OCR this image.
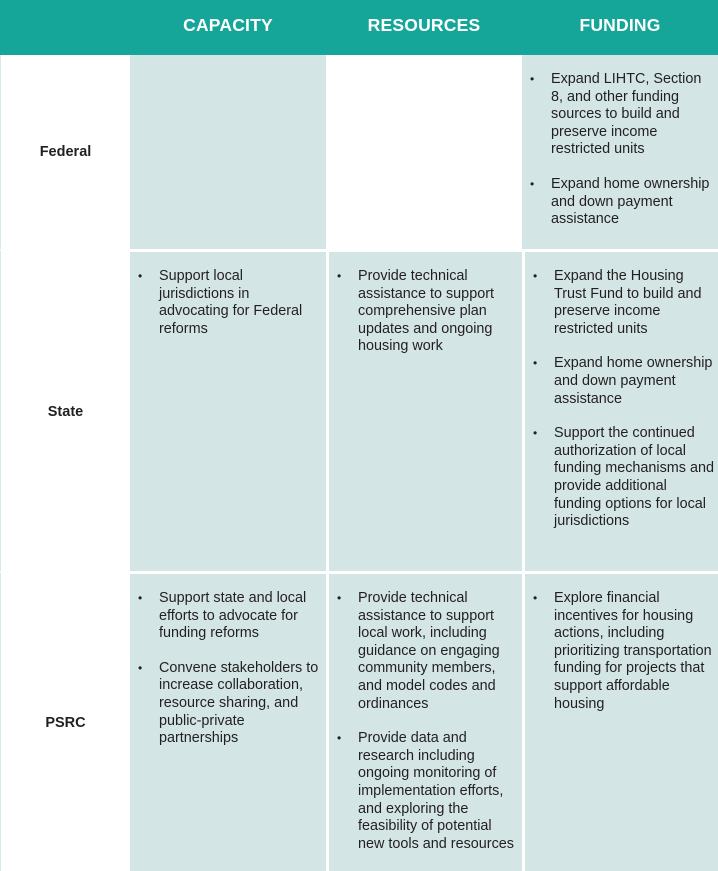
CAPACITY	RESOURCES	FUNDING
Federal
• Expand LIHTC, Section 8, and other funding sources to build and preserve income restricted units
• Expand home ownership and down payment assistance
State
• Support local jurisdictions in advocating for Federal reforms
• Provide technical assistance to support comprehensive plan updates and ongoing housing work
• Expand the Housing Trust Fund to build and preserve income restricted units
• Expand home ownership and down payment assistance
• Support the continued authorization of local funding mechanisms and provide additional funding options for local jurisdictions
PSRC
• Support state and local efforts to advocate for funding reforms
• Convene stakeholders to increase collaboration, resource sharing, and public-private partnerships
• Provide technical assistance to support local work, including guidance on engaging community members, and model codes and ordinances
• Provide data and research including ongoing monitoring of implementation efforts, and exploring the feasibility of potential new tools and resources
• Explore financial incentives for housing actions, including prioritizing transportation funding for projects that support affordable housing
